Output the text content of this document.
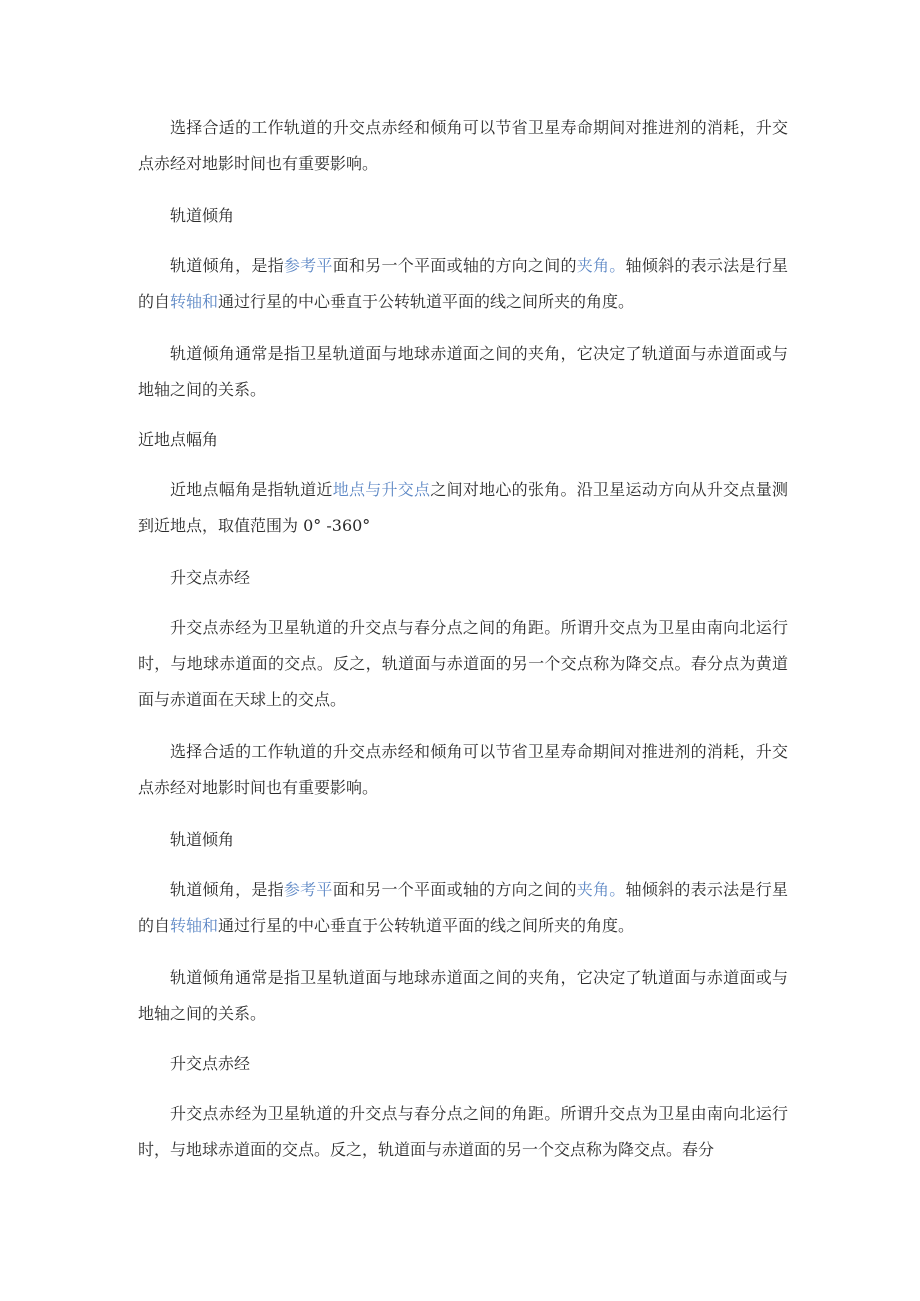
选择合适的工作轨道的升交点赤经和倾角可以节省卫星寿命期间对推进剂的消耗，升交点赤经对地影时间也有重要影响。

轨道倾角

轨道倾角，是指参考平面和另一个平面或轴的方向之间的夹角。轴倾斜的表示法是行星的自转轴和通过行星的中心垂直于公转轨道平面的线之间所夹的角度。

轨道倾角通常是指卫星轨道面与地球赤道面之间的夹角，它决定了轨道面与赤道面或与地轴之间的关系。

近地点幅角

近地点幅角是指轨道近地点与升交点之间对地心的张角。沿卫星运动方向从升交点量测到近地点，取值范围为 0° -360°

升交点赤经

升交点赤经为卫星轨道的升交点与春分点之间的角距。所谓升交点为卫星由南向北运行时，与地球赤道面的交点。反之，轨道面与赤道面的另一个交点称为降交点。春分点为黄道面与赤道面在天球上的交点。

选择合适的工作轨道的升交点赤经和倾角可以节省卫星寿命期间对推进剂的消耗，升交点赤经对地影时间也有重要影响。

轨道倾角

轨道倾角，是指参考平面和另一个平面或轴的方向之间的夹角。轴倾斜的表示法是行星的自转轴和通过行星的中心垂直于公转轨道平面的线之间所夹的角度。

轨道倾角通常是指卫星轨道面与地球赤道面之间的夹角，它决定了轨道面与赤道面或与地轴之间的关系。

升交点赤经

升交点赤经为卫星轨道的升交点与春分点之间的角距。所谓升交点为卫星由南向北运行时，与地球赤道面的交点。反之，轨道面与赤道面的另一个交点称为降交点。春分
